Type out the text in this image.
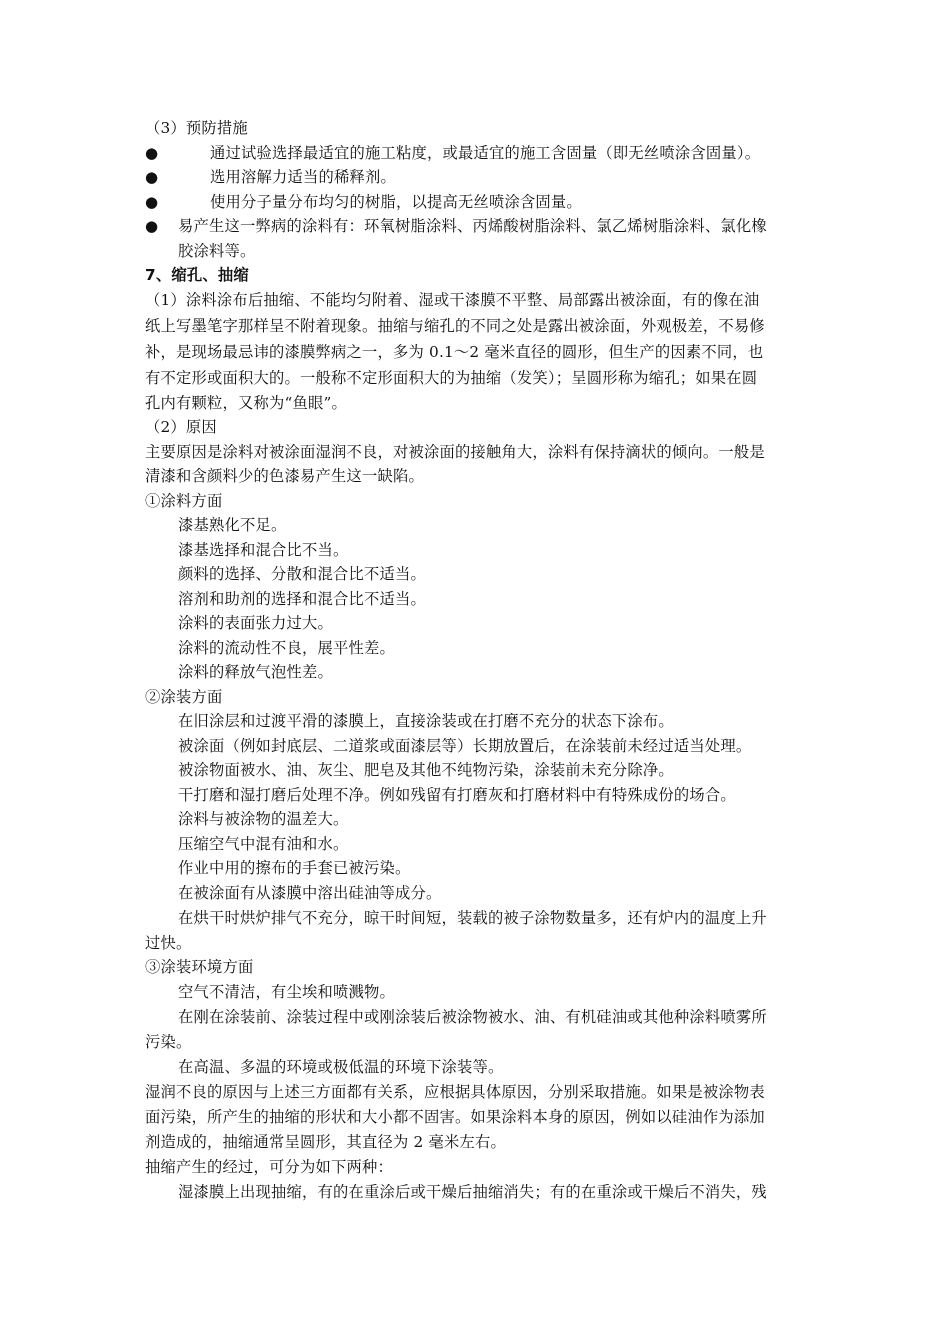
（3）预防措施
●	通过试验选择最适宜的施工粘度，或最适宜的施工含固量（即无丝喷涂含固量）。
●	选用溶解力适当的稀释剂。
●	使用分子量分布均匀的树脂，以提高无丝喷涂含固量。
● 易产生这一弊病的涂料有：环氧树脂涂料、丙烯酸树脂涂料、氯乙烯树脂涂料、氯化橡
胶涂料等。
7、缩孔、抽缩
（1）涂料涂布后抽缩、不能均匀附着、湿或干漆膜不平整、局部露出被涂面，有的像在油
纸上写墨笔字那样呈不附着现象。抽缩与缩孔的不同之处是露出被涂面，外观极差，不易修
补，是现场最忌讳的漆膜弊病之一，多为 0.1～2 毫米直径的圆形，但生产的因素不同，也
有不定形或面积大的。一般称不定形面积大的为抽缩（发笑）；呈圆形称为缩孔；如果在圆
孔内有颗粒，又称为“鱼眼”。
（2）原因
主要原因是涂料对被涂面湿润不良，对被涂面的接触角大，涂料有保持滴状的倾向。一般是
清漆和含颜料少的色漆易产生这一缺陷。
①涂料方面
漆基熟化不足。
漆基选择和混合比不当。
颜料的选择、分散和混合比不适当。
溶剂和助剂的选择和混合比不适当。
涂料的表面张力过大。
涂料的流动性不良，展平性差。
涂料的释放气泡性差。
②涂装方面
在旧涂层和过渡平滑的漆膜上，直接涂装或在打磨不充分的状态下涂布。
被涂面（例如封底层、二道浆或面漆层等）长期放置后，在涂装前未经过适当处理。
被涂物面被水、油、灰尘、肥皂及其他不纯物污染，涂装前未充分除净。
干打磨和湿打磨后处理不净。例如残留有打磨灰和打磨材料中有特殊成份的场合。
涂料与被涂物的温差大。
压缩空气中混有油和水。
作业中用的擦布的手套已被污染。
在被涂面有从漆膜中溶出硅油等成分。
在烘干时烘炉排气不充分，晾干时间短，装载的被子涂物数量多，还有炉内的温度上升
过快。
③涂装环境方面
空气不清洁，有尘埃和喷溅物。
在刚在涂装前、涂装过程中或刚涂装后被涂物被水、油、有机硅油或其他种涂料喷雾所
污染。
在高温、多温的环境或极低温的环境下涂装等。
湿润不良的原因与上述三方面都有关系，应根据具体原因，分别采取措施。如果是被涂物表
面污染，所产生的抽缩的形状和大小都不固害。如果涂料本身的原因，例如以硅油作为添加
剂造成的，抽缩通常呈圆形，其直径为 2 毫米左右。
抽缩产生的经过，可分为如下两种：
湿漆膜上出现抽缩，有的在重涂后或干燥后抽缩消失；有的在重涂或干燥后不消失，残
